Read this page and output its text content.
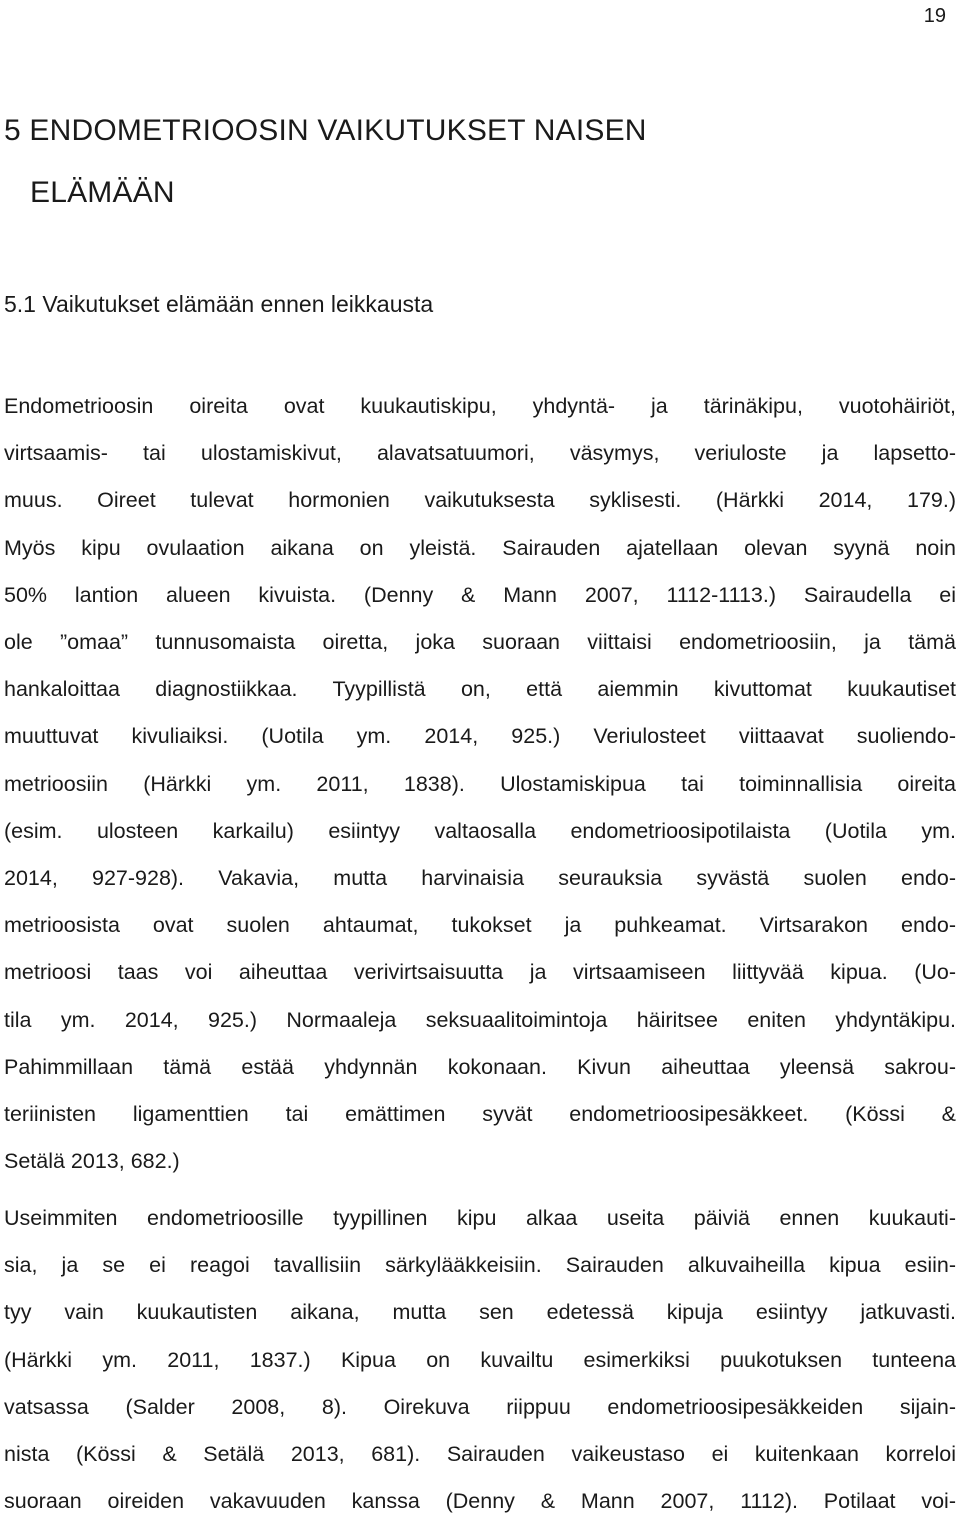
19
5 ENDOMETRIOOSIN VAIKUTUKSET NAISEN
ELÄMÄÄN
5.1 Vaikutukset elämään ennen leikkausta
Endometrioosin oireita ovat kuukautiskipu, yhdyntä- ja tärinäkipu, vuotohäiriöt,
virtsaamis- tai ulostamiskivut, alavatsatuumori, väsymys, veriuloste ja lapsetto-
muus. Oireet tulevat hormonien vaikutuksesta syklisesti. (Härkki 2014, 179.)
Myös kipu ovulaation aikana on yleistä. Sairauden ajatellaan olevan syynä noin
50% lantion alueen kivuista. (Denny & Mann 2007, 1112-1113.) Sairaudella ei
ole ”omaa” tunnusomaista oiretta, joka suoraan viittaisi endometrioosiin, ja tämä
hankaloittaa diagnostiikkaa. Tyypillistä on, että aiemmin kivuttomat kuukautiset
muuttuvat kivuliaiksi. (Uotila ym. 2014, 925.) Veriulosteet viittaavat suoliendo-
metrioosiin (Härkki ym. 2011, 1838). Ulostamiskipua tai toiminnallisia oireita
(esim. ulosteen karkailu) esiintyy valtaosalla endometrioosipotilaista (Uotila ym.
2014, 927-928). Vakavia, mutta harvinaisia seurauksia syvästä suolen endo-
metrioosista ovat suolen ahtaumat, tukokset ja puhkeamat. Virtsarakon endo-
metrioosi taas voi aiheuttaa verivirtsaisuutta ja virtsaamiseen liittyvää kipua. (Uo-
tila ym. 2014, 925.) Normaaleja seksuaalitoimintoja häiritsee eniten yhdyntäkipu.
Pahimmillaan tämä estää yhdynnän kokonaan. Kivun aiheuttaa yleensä sakrou-
teriinisten ligamenttien tai emättimen syvät endometrioosipesäkkeet. (Kössi &
Setälä 2013, 682.)
Useimmiten endometrioosille tyypillinen kipu alkaa useita päiviä ennen kuukauti-
sia, ja se ei reagoi tavallisiin särkylääkkeisiin. Sairauden alkuvaiheilla kipua esiin-
tyy vain kuukautisten aikana, mutta sen edetessä kipuja esiintyy jatkuvasti.
(Härkki ym. 2011, 1837.) Kipua on kuvailtu esimerkiksi puukotuksen tunteena
vatsassa (Salder 2008, 8). Oirekuva riippuu endometrioosipesäkkeiden sijain-
nista (Kössi & Setälä 2013, 681). Sairauden vaikeustaso ei kuitenkaan korreloi
suoraan oireiden vakavuuden kanssa (Denny & Mann 2007, 1112). Potilaat voi-
